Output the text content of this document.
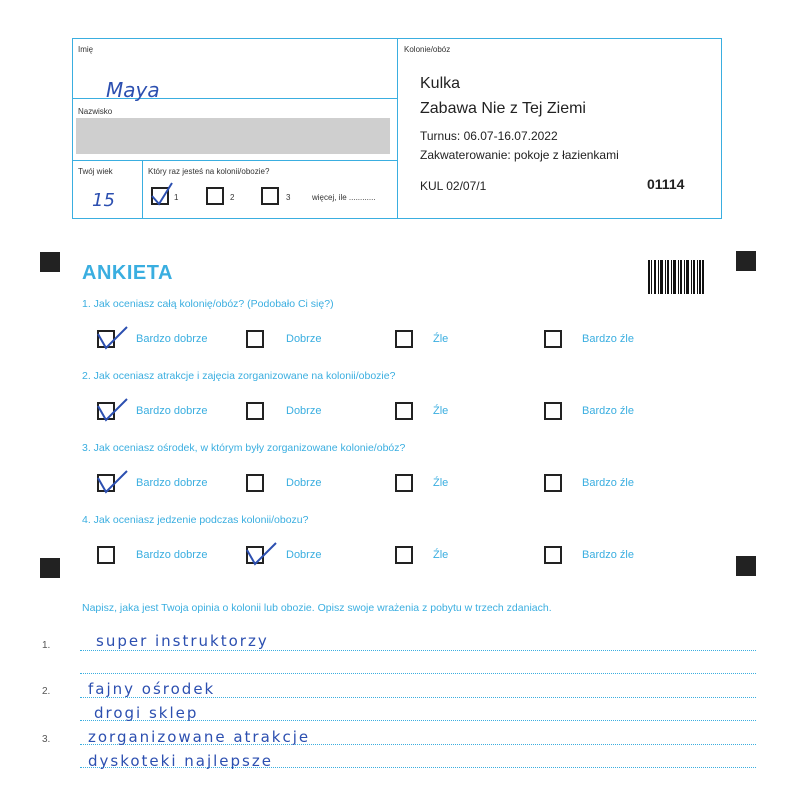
Imię
Maya
Nazwisko
Twój wiek
15
Który raz jesteś na kolonii/obozie?
1	2	3	więcej, ile ............
Kolonie/obóz
Kulka
Zabawa Nie z Tej Ziemi
Turnus: 06.07-16.07.2022
Zakwaterowanie: pokoje z łazienkami
KUL 02/07/1	01114
ANKIETA
1. Jak oceniasz całą kolonię/obóz? (Podobało Ci się?)
Bardzo dobrze	Dobrze	Źle	Bardzo źle
2. Jak oceniasz atrakcje i zajęcia zorganizowane na kolonii/obozie?
Bardzo dobrze	Dobrze	Źle	Bardzo źle
3. Jak oceniasz ośrodek, w którym były zorganizowane kolonie/obóz?
Bardzo dobrze	Dobrze	Źle	Bardzo źle
4. Jak oceniasz jedzenie podczas kolonii/obozu?
Bardzo dobrze	Dobrze	Źle	Bardzo źle
Napisz, jaka jest Twoja opinia o kolonii lub obozie. Opisz swoje wrażenia z pobytu w trzech zdaniach.
1.
2.
3.
super instruktorzy
fajny ośrodek
drogi sklep
zorganizowane atrakcje
dyskoteki najlepsze
